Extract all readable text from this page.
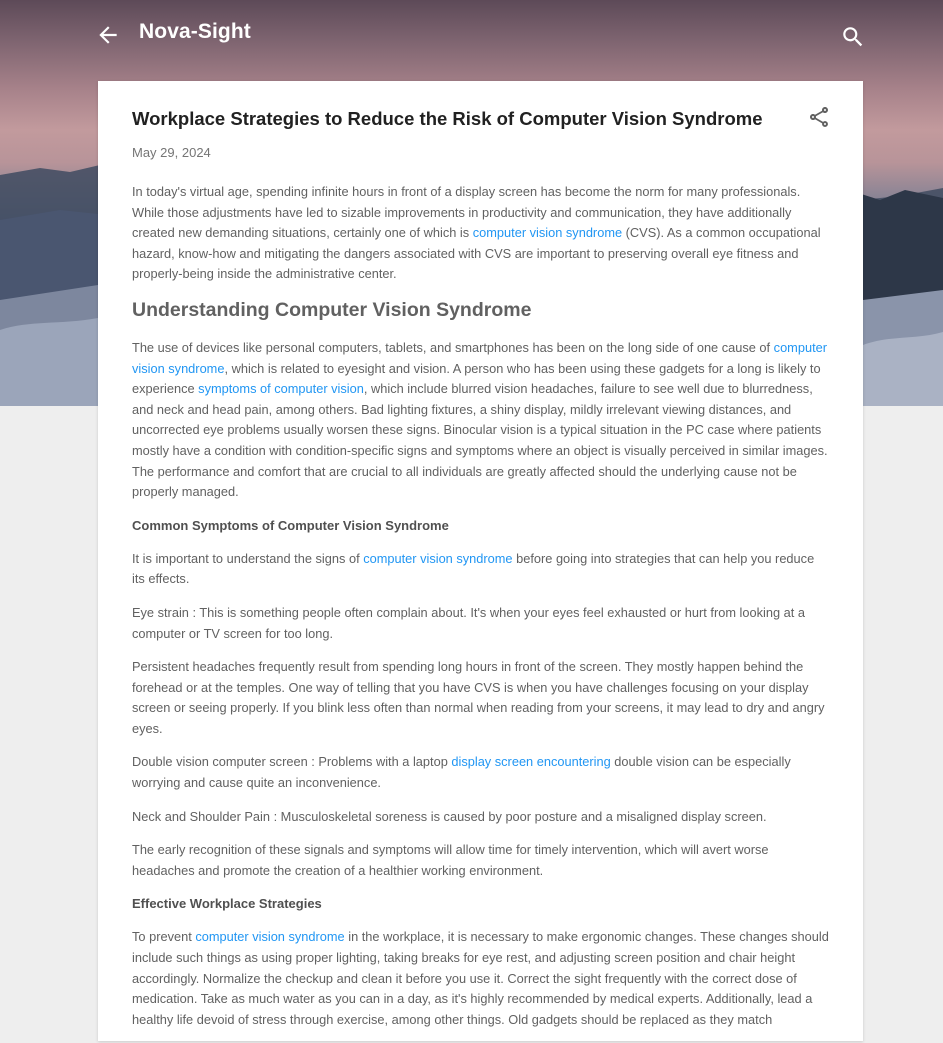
Nova-Sight
Workplace Strategies to Reduce the Risk of Computer Vision Syndrome
May 29, 2024

In today's virtual age, spending infinite hours in front of a display screen has become the norm for many professionals. While those adjustments have led to sizable improvements in productivity and communication, they have additionally created new demanding situations, certainly one of which is computer vision syndrome (CVS). As a common occupational hazard, know-how and mitigating the dangers associated with CVS are important to preserving overall eye fitness and properly-being inside the administrative center.

Understanding Computer Vision Syndrome

The use of devices like personal computers, tablets, and smartphones has been on the long side of one cause of computer vision syndrome, which is related to eyesight and vision. A person who has been using these gadgets for a long is likely to experience symptoms of computer vision, which include blurred vision headaches, failure to see well due to blurredness, and neck and head pain, among others. Bad lighting fixtures, a shiny display, mildly irrelevant viewing distances, and uncorrected eye problems usually worsen these signs. Binocular vision is a typical situation in the PC case where patients mostly have a condition with condition-specific signs and symptoms where an object is visually perceived in similar images. The performance and comfort that are crucial to all individuals are greatly affected should the underlying cause not be properly managed.

Common Symptoms of Computer Vision Syndrome

It is important to understand the signs of computer vision syndrome before going into strategies that can help you reduce its effects.

Eye strain : This is something people often complain about. It's when your eyes feel exhausted or hurt from looking at a computer or TV screen for too long.

Persistent headaches frequently result from spending long hours in front of the screen. They mostly happen behind the forehead or at the temples. One way of telling that you have CVS is when you have challenges focusing on your display screen or seeing properly. If you blink less often than normal when reading from your screens, it may lead to dry and angry eyes.

Double vision computer screen : Problems with a laptop display screen encountering double vision can be especially worrying and cause quite an inconvenience.

Neck and Shoulder Pain : Musculoskeletal soreness is caused by poor posture and a misaligned display screen.

The early recognition of these signals and symptoms will allow time for timely intervention, which will avert worse headaches and promote the creation of a healthier working environment.

Effective Workplace Strategies

To prevent computer vision syndrome in the workplace, it is necessary to make ergonomic changes. These changes should include such things as using proper lighting, taking breaks for eye rest, and adjusting screen position and chair height accordingly. Normalize the checkup and clean it before you use it. Correct the sight frequently with the correct dose of medication. Take as much water as you can in a day, as it's highly recommended by medical experts. Additionally, lead a healthy life devoid of stress through exercise, among other things. Old gadgets should be replaced as they match
